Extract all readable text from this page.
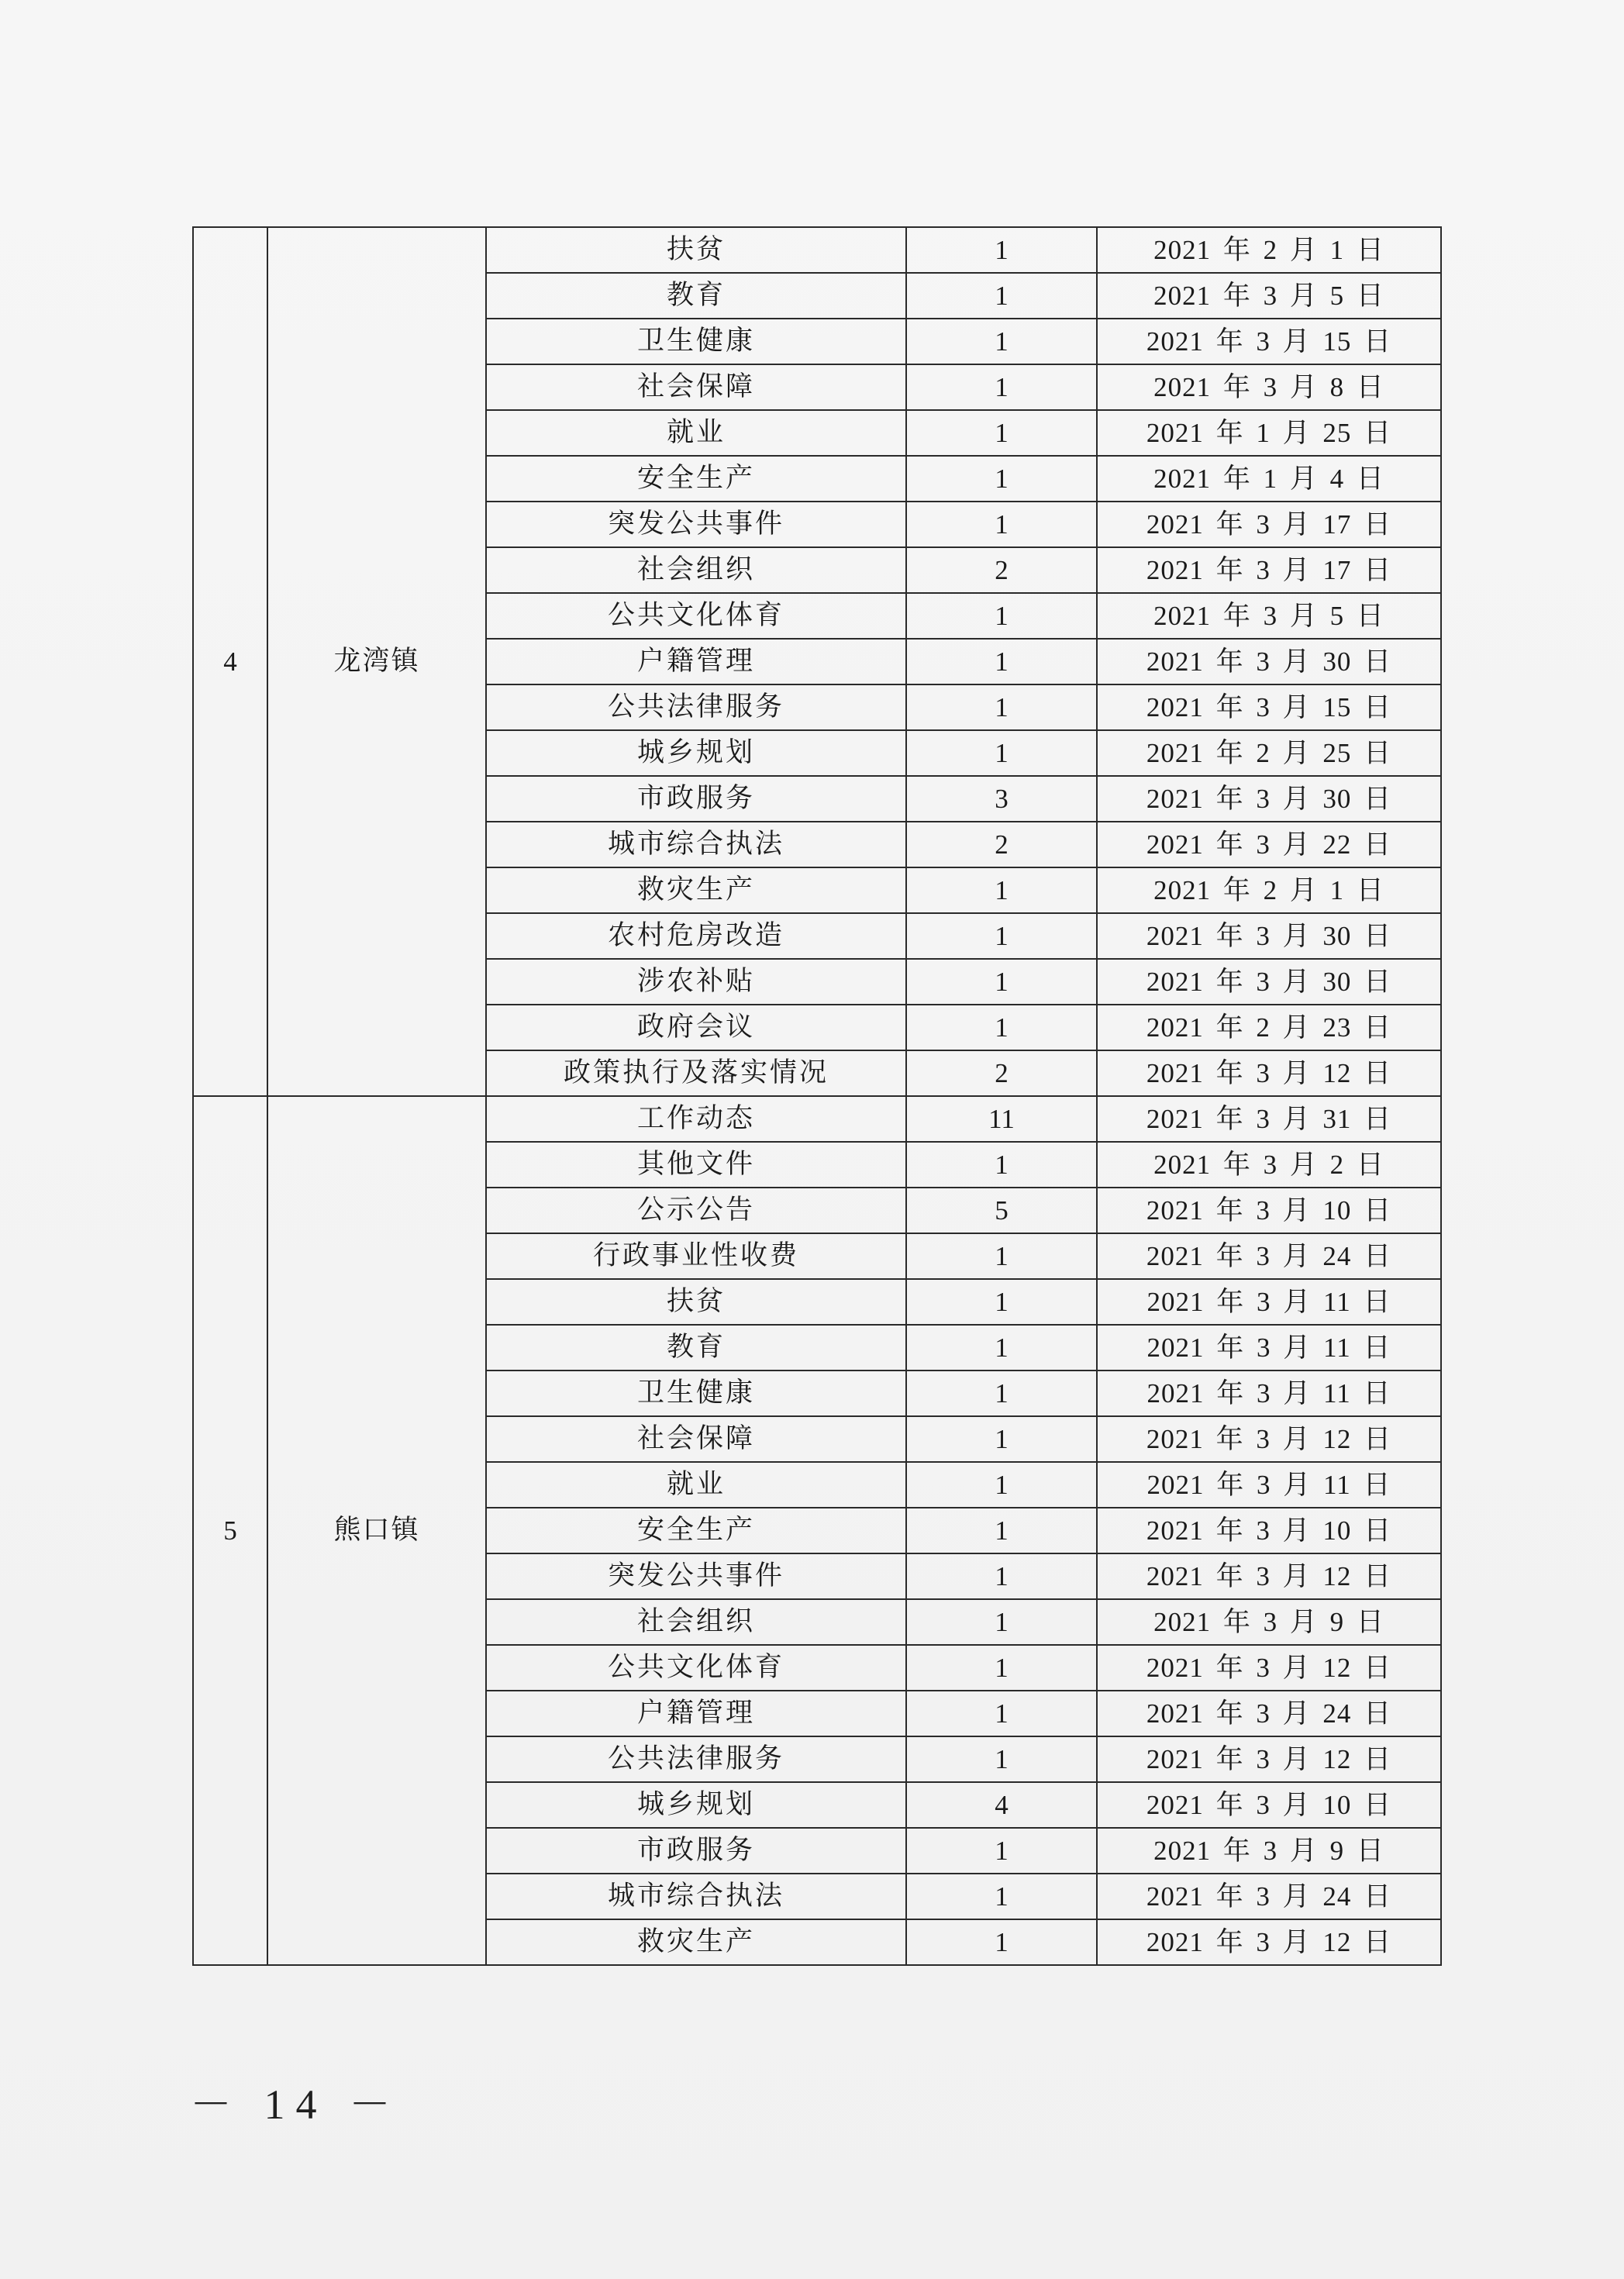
4	龙湾镇	扶贫	1	2021 年 2 月 1 日
		教育	1	2021 年 3 月 5 日
		卫生健康	1	2021 年 3 月 15 日
		社会保障	1	2021 年 3 月 8 日
		就业	1	2021 年 1 月 25 日
		安全生产	1	2021 年 1 月 4 日
		突发公共事件	1	2021 年 3 月 17 日
		社会组织	2	2021 年 3 月 17 日
		公共文化体育	1	2021 年 3 月 5 日
		户籍管理	1	2021 年 3 月 30 日
		公共法律服务	1	2021 年 3 月 15 日
		城乡规划	1	2021 年 2 月 25 日
		市政服务	3	2021 年 3 月 30 日
		城市综合执法	2	2021 年 3 月 22 日
		救灾生产	1	2021 年 2 月 1 日
		农村危房改造	1	2021 年 3 月 30 日
		涉农补贴	1	2021 年 3 月 30 日
		政府会议	1	2021 年 2 月 23 日
		政策执行及落实情况	2	2021 年 3 月 12 日
5	熊口镇	工作动态	11	2021 年 3 月 31 日
		其他文件	1	2021 年 3 月 2 日
		公示公告	5	2021 年 3 月 10 日
		行政事业性收费	1	2021 年 3 月 24 日
		扶贫	1	2021 年 3 月 11 日
		教育	1	2021 年 3 月 11 日
		卫生健康	1	2021 年 3 月 11 日
		社会保障	1	2021 年 3 月 12 日
		就业	1	2021 年 3 月 11 日
		安全生产	1	2021 年 3 月 10 日
		突发公共事件	1	2021 年 3 月 12 日
		社会组织	1	2021 年 3 月 9 日
		公共文化体育	1	2021 年 3 月 12 日
		户籍管理	1	2021 年 3 月 24 日
		公共法律服务	1	2021 年 3 月 12 日
		城乡规划	4	2021 年 3 月 10 日
		市政服务	1	2021 年 3 月 9 日
		城市综合执法	1	2021 年 3 月 24 日
		救灾生产	1	2021 年 3 月 12 日
－ 14 －
